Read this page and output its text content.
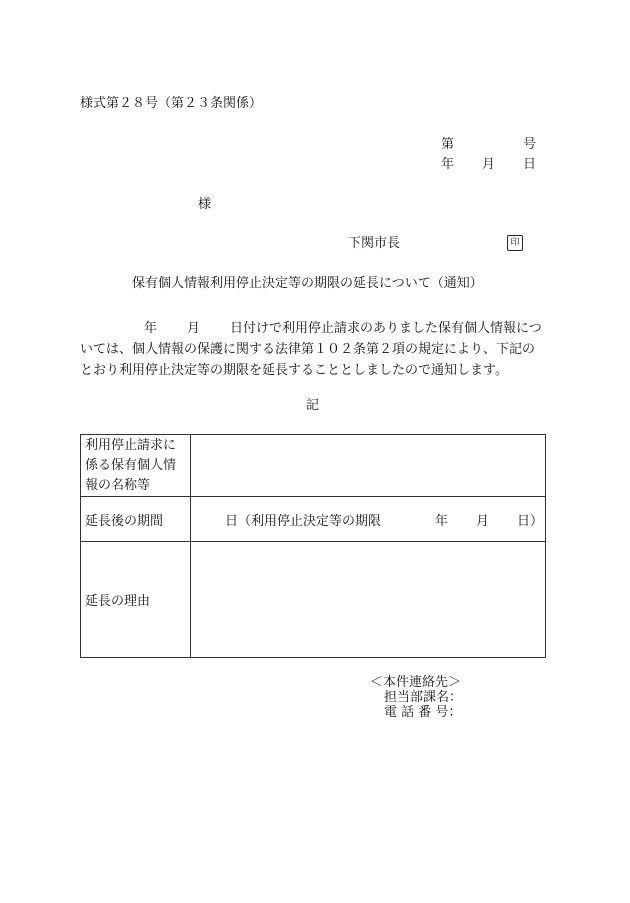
様式第２８号（第２３条関係）
第	号
年 月 日
様
下関市長	印
保有個人情報利用停止決定等の期限の延長について（通知）
年 月 日付けで利用停止請求のありました保有個人情報につ
いては、個人情報の保護に関する法律第１０２条第２項の規定により、下記の
とおり利用停止決定等の期限を延長することとしましたので通知します。
記
利用停止請求に
係る保有個人情
報の名称等	

延長後の期間	日（利用停止決定等の期限 年 月 日）

延長の理由	
＜本件連絡先＞
担当部課名：
電 話 番 号：
